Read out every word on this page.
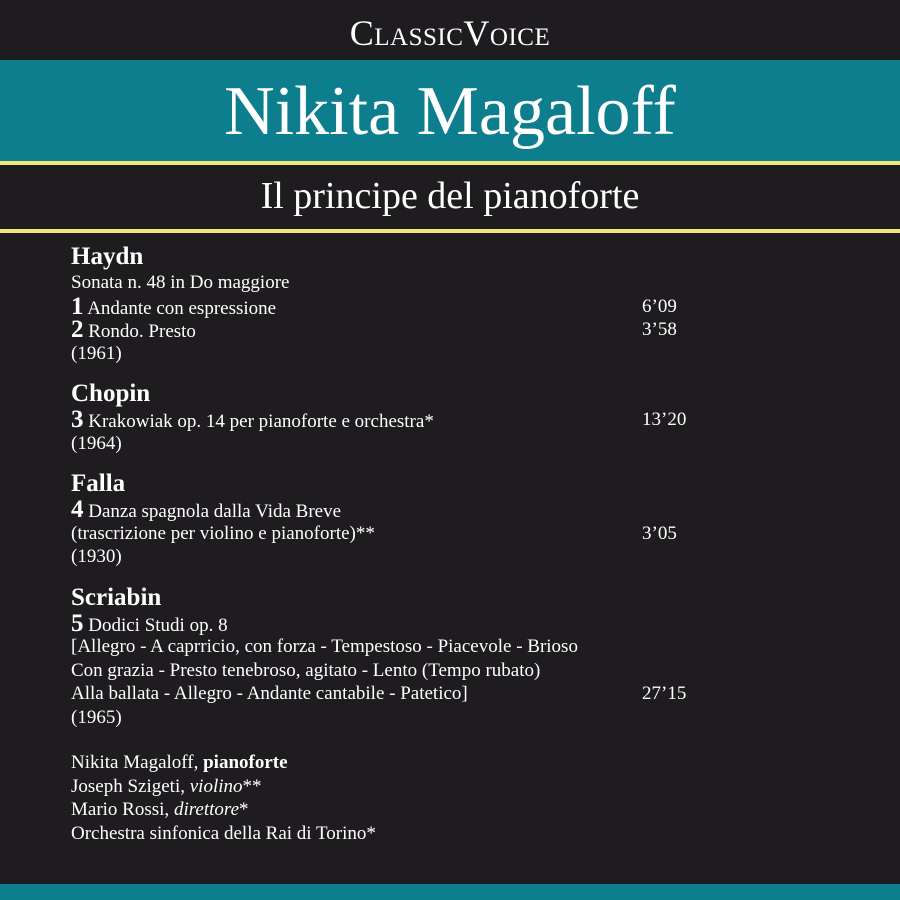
ClassicVoice
Nikita Magaloff
Il principe del pianoforte
Haydn
Sonata n. 48 in Do maggiore
1 Andante con espressione	6’09
2 Rondo. Presto	3’58
(1961)
Chopin
3 Krakowiak op. 14 per pianoforte e orchestra*	13’20
(1964)
Falla
4 Danza spagnola dalla Vida Breve
(trascrizione per violino e pianoforte)**	3’05
(1930)
Scriabin
5 Dodici Studi op. 8
[Allegro - A caprricio, con forza - Tempestoso - Piacevole - Brioso
Con grazia - Presto tenebroso, agitato - Lento (Tempo rubato)
Alla ballata - Allegro - Andante cantabile - Patetico]	27’15
(1965)
Nikita Magaloff, pianoforte
Joseph Szigeti, violino**
Mario Rossi, direttore*
Orchestra sinfonica della Rai di Torino*
